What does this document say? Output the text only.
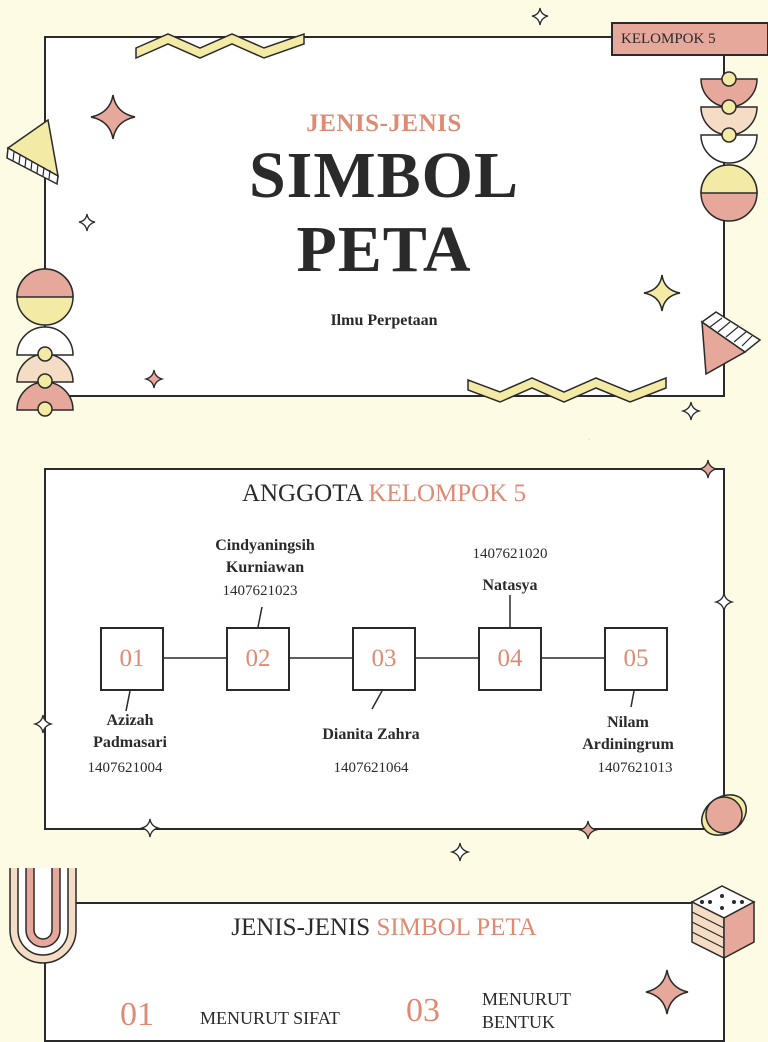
KELOMPOK 5
JENIS-JENIS
SIMBOL
PETA
Ilmu Perpetaan
ANGGOTA KELOMPOK 5
01
Azizah
Padmasari
1407621004
02
Cindyaningsih
Kurniawan
1407621023
03
Dianita Zahra
1407621064
04
1407621020
Natasya
05
Nilam
Ardiningrum
1407621013
JENIS-JENIS SIMBOL PETA
01	MENURUT SIFAT 03 MENURUT
BENTUK
